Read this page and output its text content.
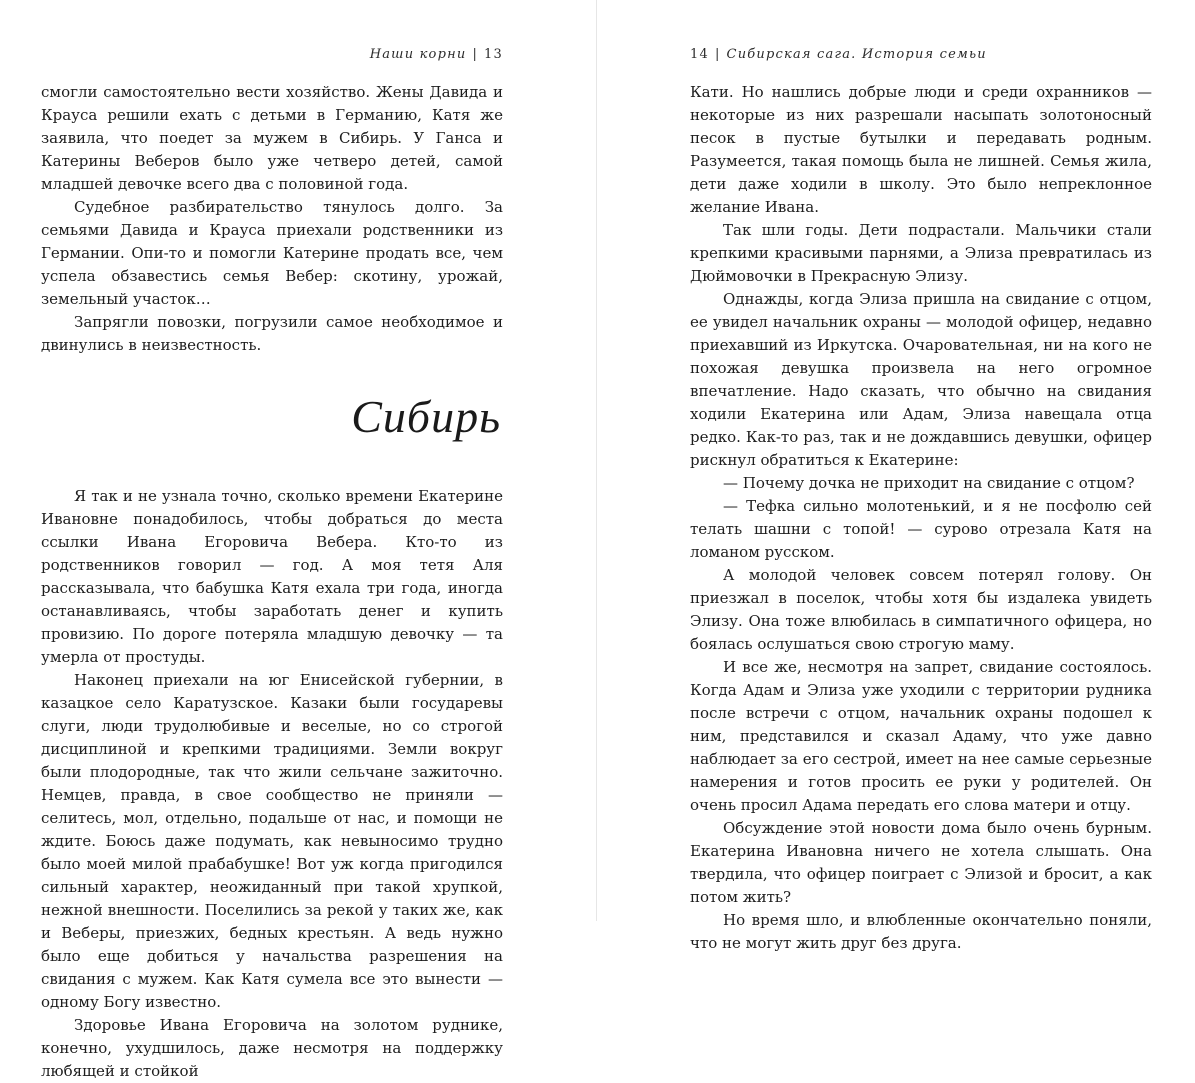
Наши корни | 13

смогли самостоятельно вести хозяйство. Жены Давида и Крауса решили ехать с детьми в Германию, Катя же заявила, что поедет за мужем в Сибирь. У Ганса и Катерины Веберов было уже четверо детей, самой младшей девочке всего два с половиной года.

Судебное разбирательство тянулось долго. За семьями Давида и Крауса приехали родственники из Германии. Опи-то и помогли Катерине продать все, чем успела обзавестись семья Вебер: скотину, урожай, земельный участок…

Запрягли повозки, погрузили самое необходимое и двинулись в неизвестность.

Сибирь

Я так и не узнала точно, сколько времени Екатерине Ивановне понадобилось, чтобы добраться до места ссылки Ивана Егоровича Вебера. Кто-то из родственников говорил — год. А моя тетя Аля рассказывала, что бабушка Катя ехала три года, иногда останавливаясь, чтобы заработать денег и купить провизию. По дороге потеряла младшую девочку — та умерла от простуды.

Наконец приехали на юг Енисейской губернии, в казацкое село Каратузское. Казаки были государевы слуги, люди трудолюбивые и веселые, но со строгой дисциплиной и крепкими традициями. Земли вокруг были плодородные, так что жили сельчане зажиточно. Немцев, правда, в свое сообщество не приняли — селитесь, мол, отдельно, подальше от нас, и помощи не ждите. Боюсь даже подумать, как невыносимо трудно было моей милой прабабушке! Вот уж когда пригодился сильный характер, неожиданный при такой хрупкой, нежной внешности. Поселились за рекой у таких же, как и Веберы, приезжих, бедных крестьян. А ведь нужно было еще добиться у начальства разрешения на свидания с мужем. Как Катя сумела все это вынести — одному Богу известно.

Здоровье Ивана Егоровича на золотом руднике, конечно, ухудшилось, даже несмотря на поддержку любящей и стойкой

14 | Сибирская сага. История семьи

Кати. Но нашлись добрые люди и среди охранников — некоторые из них разрешали насыпать золотоносный песок в пустые бутылки и передавать родным. Разумеется, такая помощь была не лишней. Семья жила, дети даже ходили в школу. Это было непреклонное желание Ивана.

Так шли годы. Дети подрастали. Мальчики стали крепкими красивыми парнями, а Элиза превратилась из Дюймовочки в Прекрасную Элизу.

Однажды, когда Элиза пришла на свидание с отцом, ее увидел начальник охраны — молодой офицер, недавно приехавший из Иркутска. Очаровательная, ни на кого не похожая девушка произвела на него огромное впечатление. Надо сказать, что обычно на свидания ходили Екатерина или Адам, Элиза навещала отца редко. Как-то раз, так и не дождавшись девушки, офицер рискнул обратиться к Екатерине:

— Почему дочка не приходит на свидание с отцом?

— Тефка сильно молотенький, и я не посфолю сей телать шашни с топой! — сурово отрезала Катя на ломаном русском.

А молодой человек совсем потерял голову. Он приезжал в поселок, чтобы хотя бы издалека увидеть Элизу. Она тоже влюбилась в симпатичного офицера, но боялась ослушаться свою строгую маму.

И все же, несмотря на запрет, свидание состоялось. Когда Адам и Элиза уже уходили с территории рудника после встречи с отцом, начальник охраны подошел к ним, представился и сказал Адаму, что уже давно наблюдает за его сестрой, имеет на нее самые серьезные намерения и готов просить ее руки у родителей. Он очень просил Адама передать его слова матери и отцу.

Обсуждение этой новости дома было очень бурным. Екатерина Ивановна ничего не хотела слышать. Она твердила, что офицер поиграет с Элизой и бросит, а как потом жить?

Но время шло, и влюбленные окончательно поняли, что не могут жить друг без друга.
